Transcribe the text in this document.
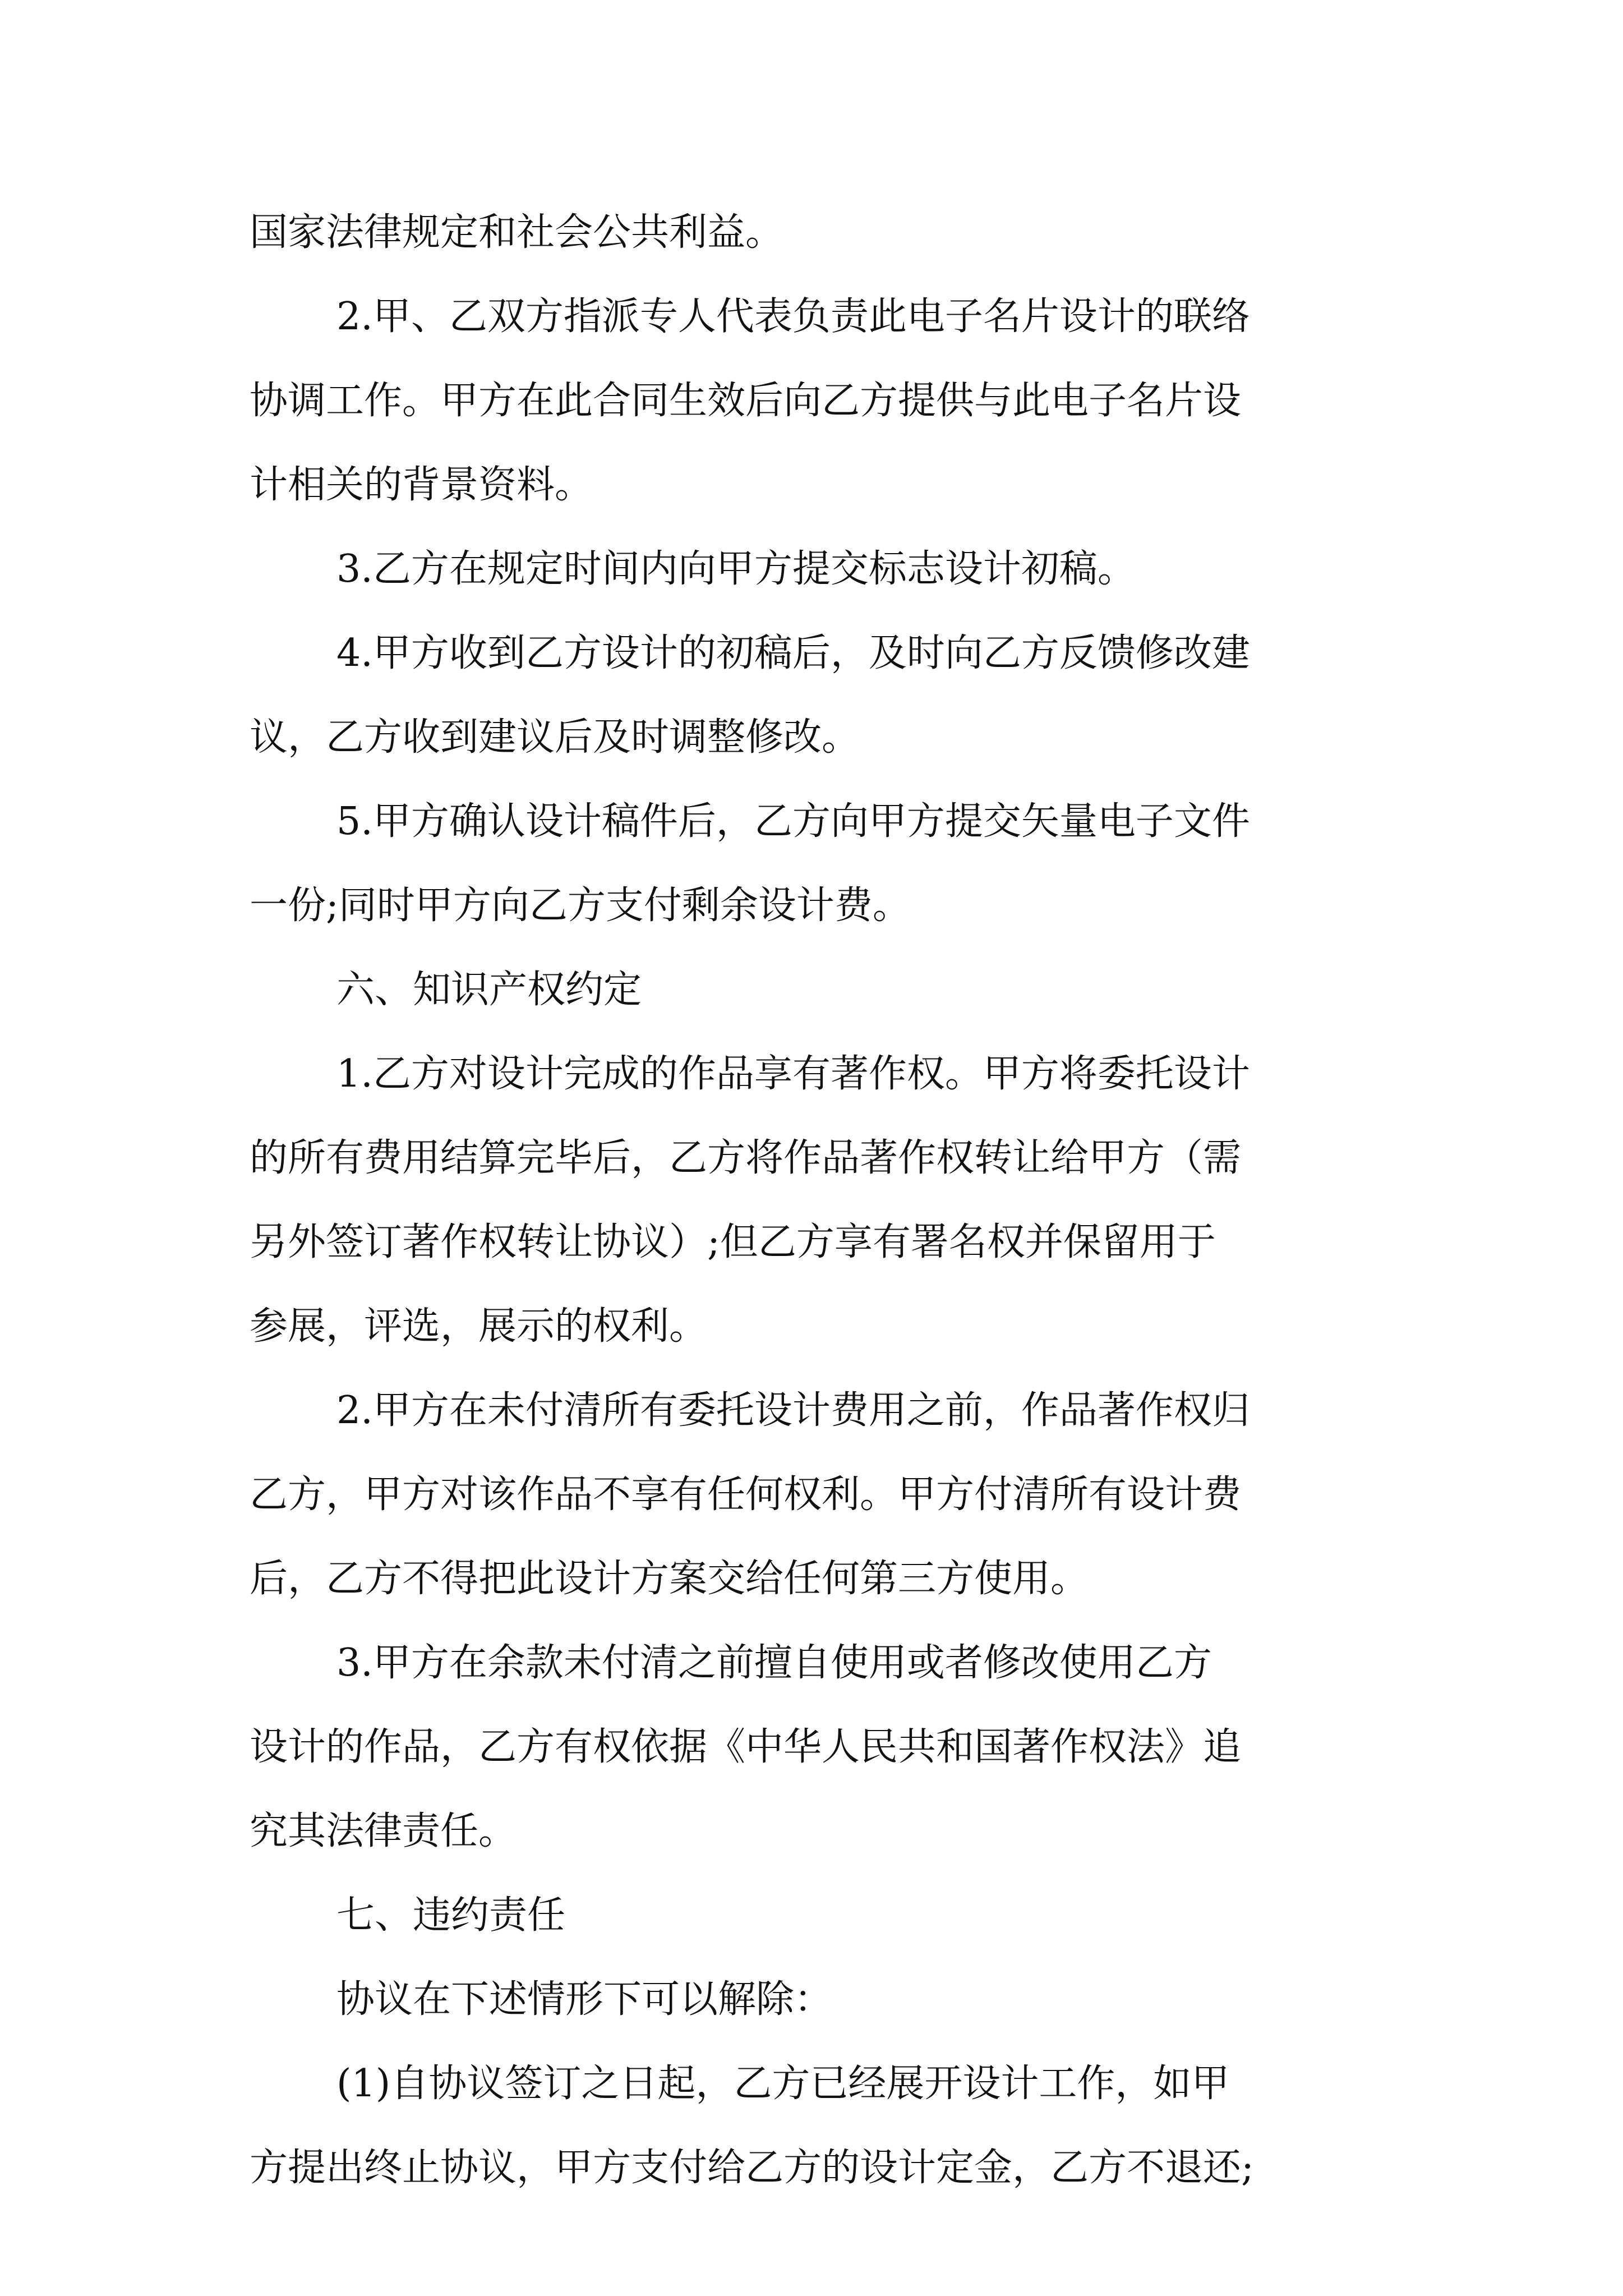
国家法律规定和社会公共利益。
2.甲、乙双方指派专人代表负责此电子名片设计的联络
协调工作。甲方在此合同生效后向乙方提供与此电子名片设
计相关的背景资料。
3.乙方在规定时间内向甲方提交标志设计初稿。
4.甲方收到乙方设计的初稿后，及时向乙方反馈修改建
议，乙方收到建议后及时调整修改。
5.甲方确认设计稿件后，乙方向甲方提交矢量电子文件
一份;同时甲方向乙方支付剩余设计费。
六、知识产权约定
1.乙方对设计完成的作品享有著作权。甲方将委托设计
的所有费用结算完毕后，乙方将作品著作权转让给甲方（需
另外签订著作权转让协议）;但乙方享有署名权并保留用于
参展，评选，展示的权利。
2.甲方在未付清所有委托设计费用之前，作品著作权归
乙方，甲方对该作品不享有任何权利。甲方付清所有设计费
后，乙方不得把此设计方案交给任何第三方使用。
3.甲方在余款未付清之前擅自使用或者修改使用乙方
设计的作品，乙方有权依据《中华人民共和国著作权法》追
究其法律责任。
七、违约责任
协议在下述情形下可以解除：
(1)自协议签订之日起，乙方已经展开设计工作，如甲
方提出终止协议，甲方支付给乙方的设计定金，乙方不退还;
